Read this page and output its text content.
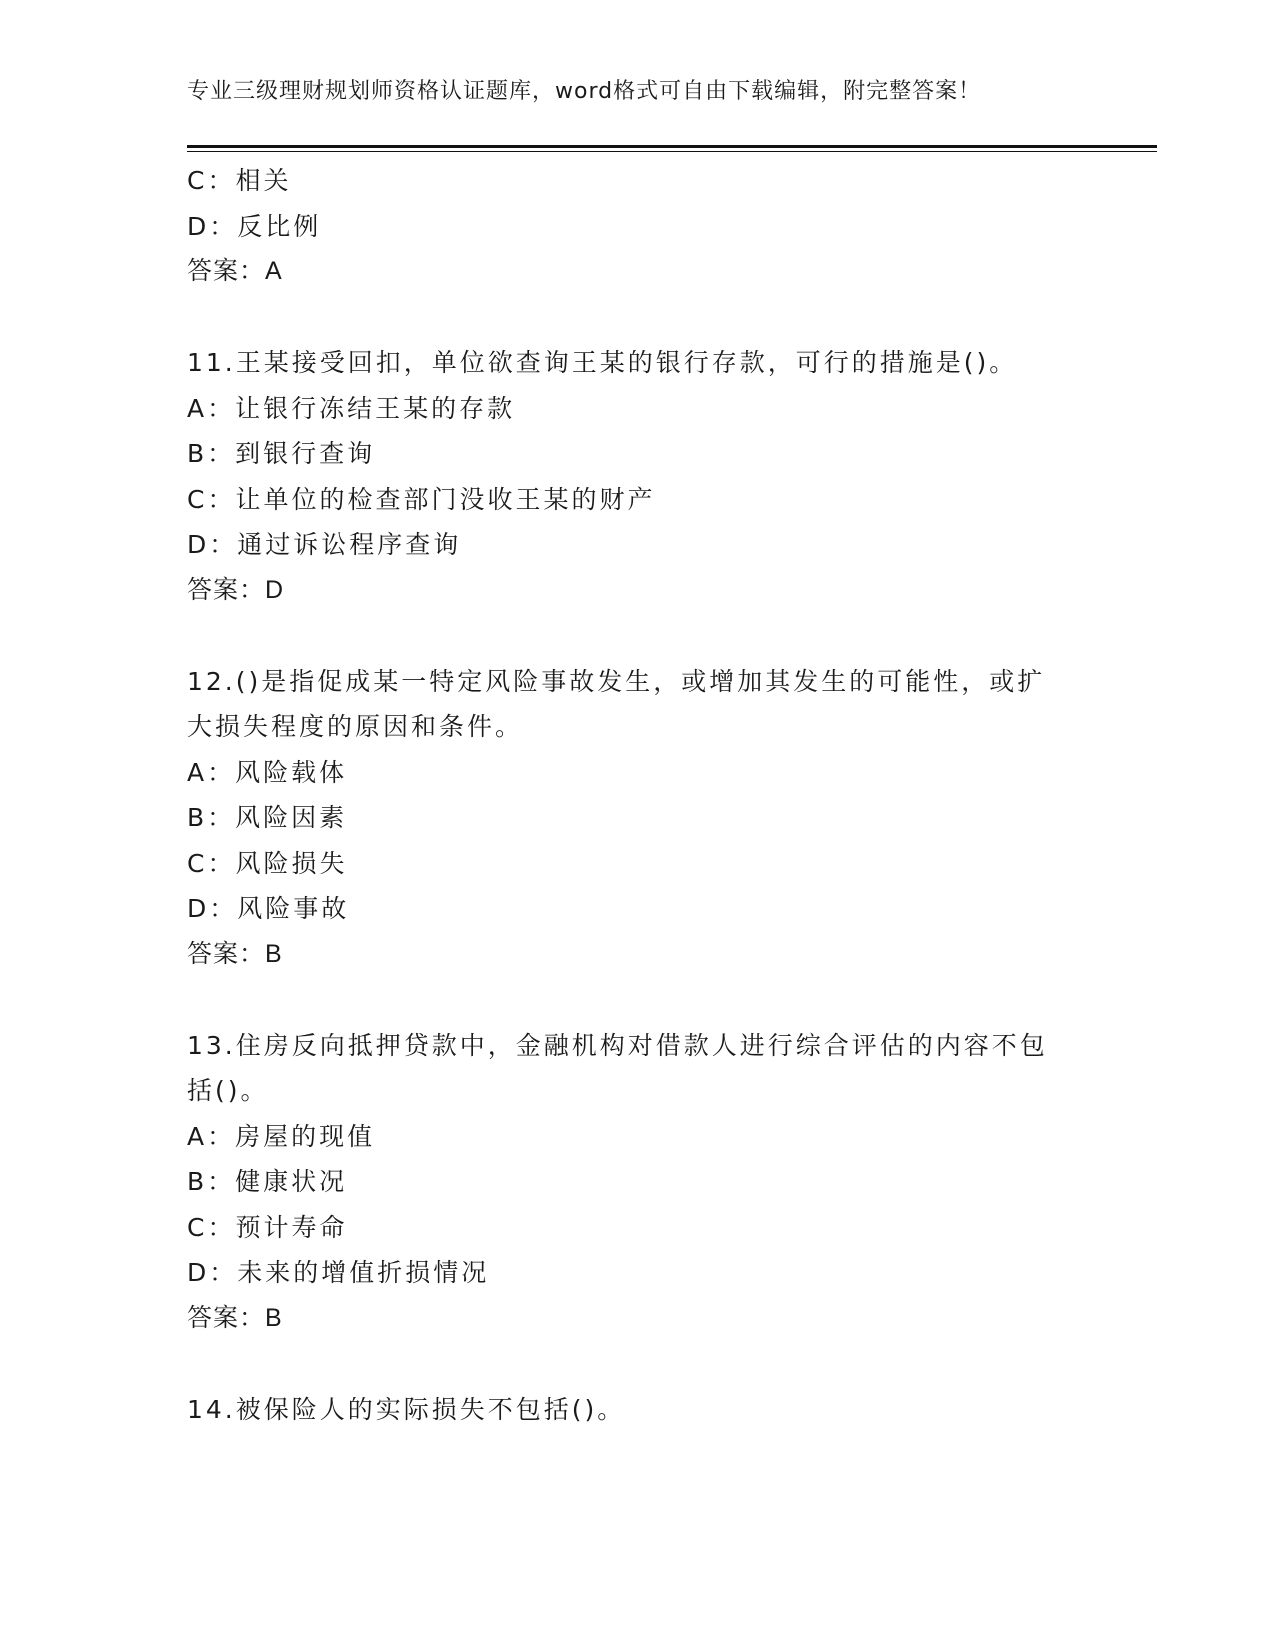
专业三级理财规划师资格认证题库，word格式可自由下载编辑，附完整答案！
C：相关
D：反比例
答案：A
11.王某接受回扣，单位欲查询王某的银行存款，可行的措施是()。
A：让银行冻结王某的存款
B：到银行查询
C：让单位的检查部门没收王某的财产
D：通过诉讼程序查询
答案：D
12.()是指促成某一特定风险事故发生，或增加其发生的可能性，或扩
大损失程度的原因和条件。
A：风险载体
B：风险因素
C：风险损失
D：风险事故
答案：B
13.住房反向抵押贷款中，金融机构对借款人进行综合评估的内容不包
括()。
A：房屋的现值
B：健康状况
C：预计寿命
D：未来的增值折损情况
答案：B
14.被保险人的实际损失不包括()。
